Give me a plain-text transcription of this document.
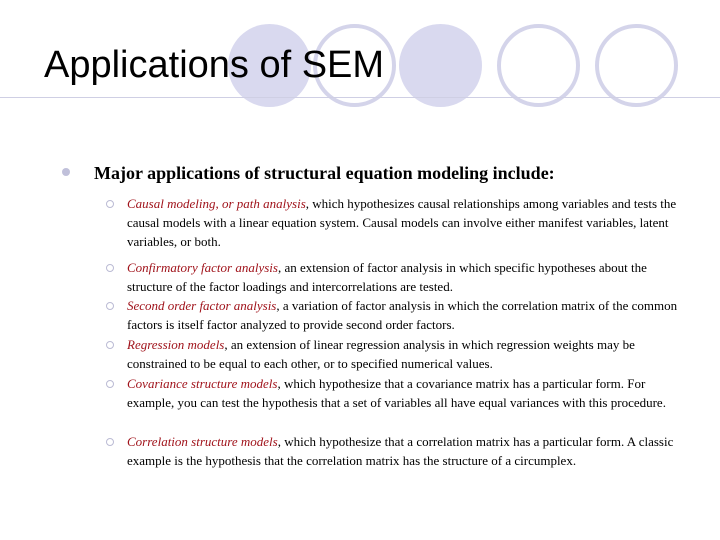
Applications of SEM
Major applications of structural equation modeling include:
Causal modeling, or path analysis, which hypothesizes causal relationships among variables and tests the causal models with a linear equation system. Causal models can involve either manifest variables, latent variables, or both.
Confirmatory factor analysis, an extension of factor analysis in which specific hypotheses about the structure of the factor loadings and intercorrelations are tested.
Second order factor analysis, a variation of factor analysis in which the correlation matrix of the common factors is itself factor analyzed to provide second order factors.
Regression models, an extension of linear regression analysis in which regression weights may be constrained to be equal to each other, or to specified numerical values.
Covariance structure models, which hypothesize that a covariance matrix has a particular form. For example, you can test the hypothesis that a set of variables all have equal variances with this procedure.
Correlation structure models, which hypothesize that a correlation matrix has a particular form. A classic example is the hypothesis that the correlation matrix has the structure of a circumplex.
